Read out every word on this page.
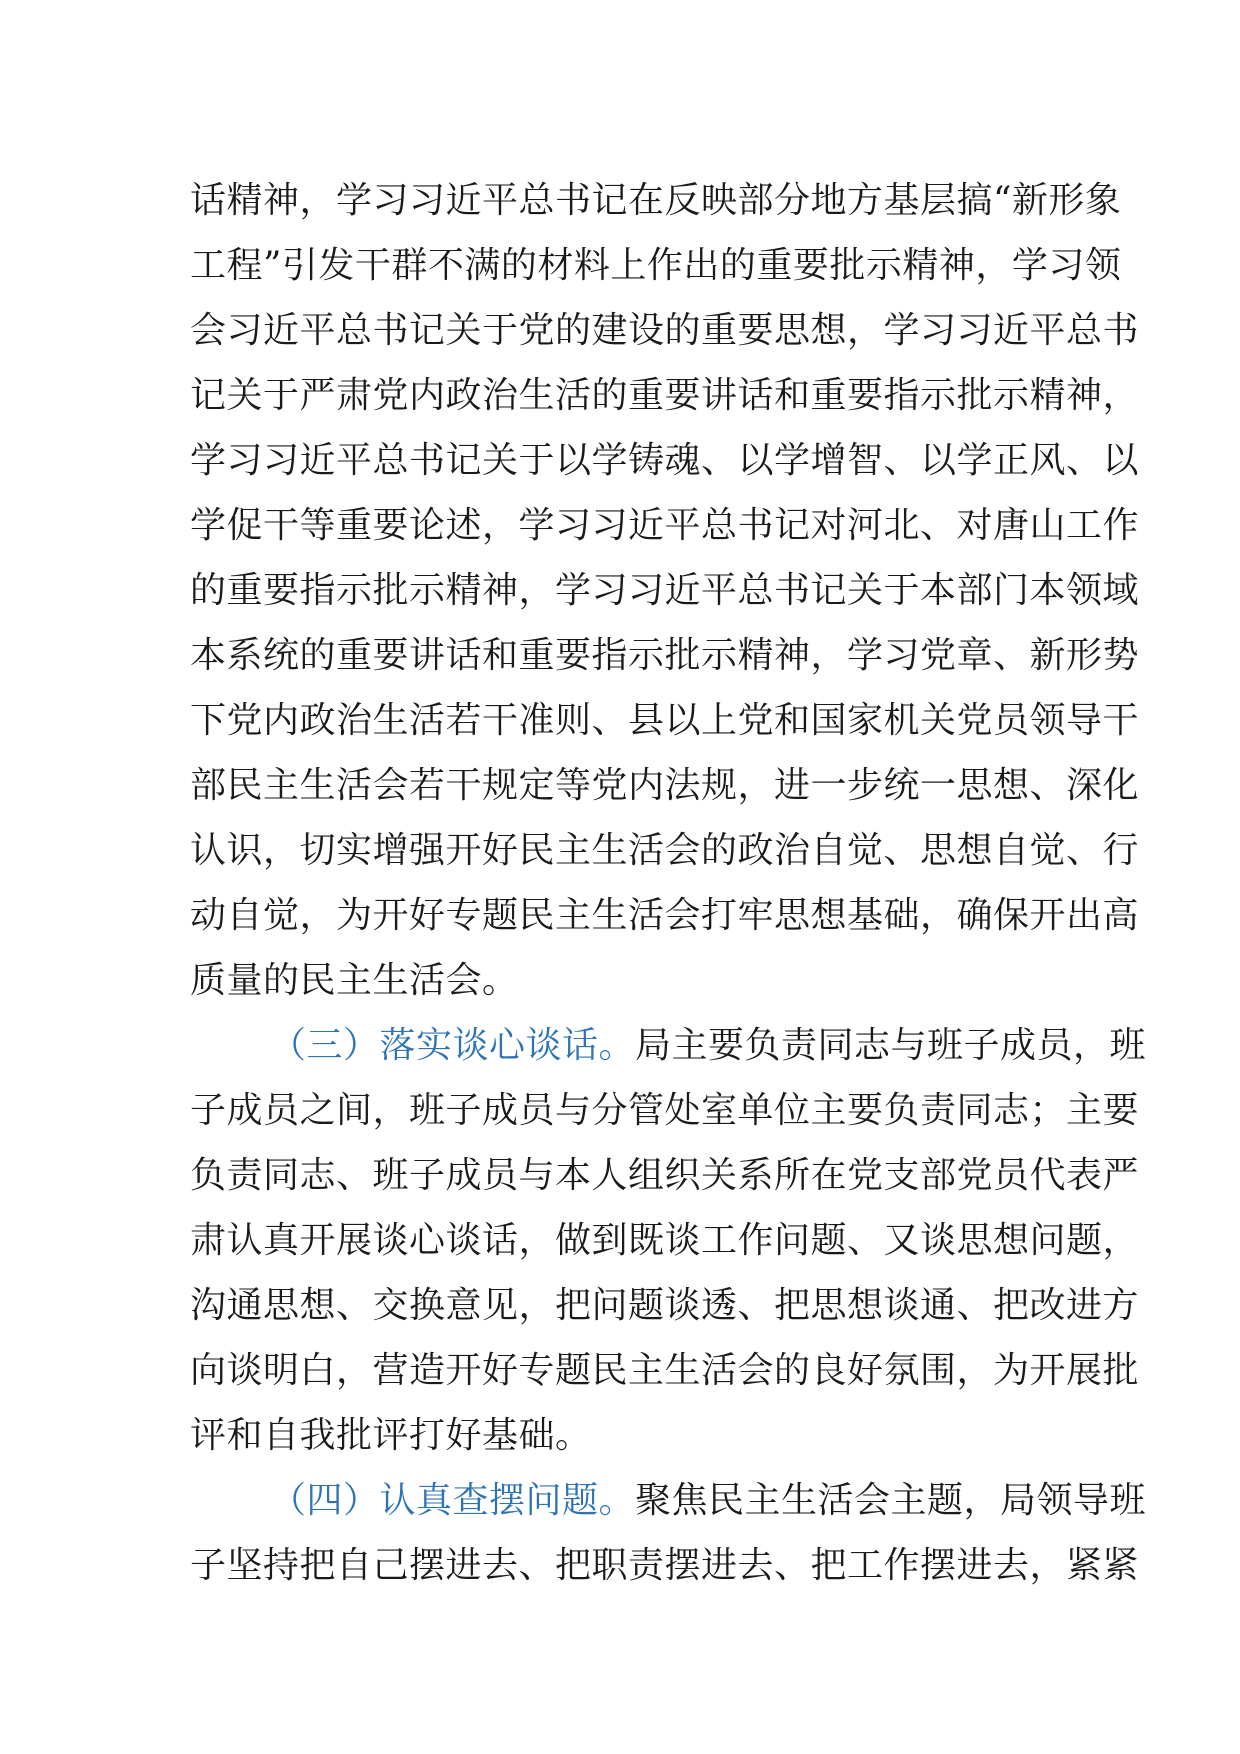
话精神，学习习近平总书记在反映部分地方基层搞“新形象
工程”引发干群不满的材料上作出的重要批示精神，学习领
会习近平总书记关于党的建设的重要思想，学习习近平总书
记关于严肃党内政治生活的重要讲话和重要指示批示精神，
学习习近平总书记关于以学铸魂、以学增智、以学正风、以
学促干等重要论述，学习习近平总书记对河北、对唐山工作
的重要指示批示精神，学习习近平总书记关于本部门本领域
本系统的重要讲话和重要指示批示精神，学习党章、新形势
下党内政治生活若干准则、县以上党和国家机关党员领导干
部民主生活会若干规定等党内法规，进一步统一思想、深化
认识，切实增强开好民主生活会的政治自觉、思想自觉、行
动自觉，为开好专题民主生活会打牢思想基础，确保开出高
质量的民主生活会。
（三）落实谈心谈话。局主要负责同志与班子成员，班
子成员之间，班子成员与分管处室单位主要负责同志；主要
负责同志、班子成员与本人组织关系所在党支部党员代表严
肃认真开展谈心谈话，做到既谈工作问题、又谈思想问题，
沟通思想、交换意见，把问题谈透、把思想谈通、把改进方
向谈明白，营造开好专题民主生活会的良好氛围，为开展批
评和自我批评打好基础。
（四）认真查摆问题。聚焦民主生活会主题，局领导班
子坚持把自己摆进去、把职责摆进去、把工作摆进去，紧紧
